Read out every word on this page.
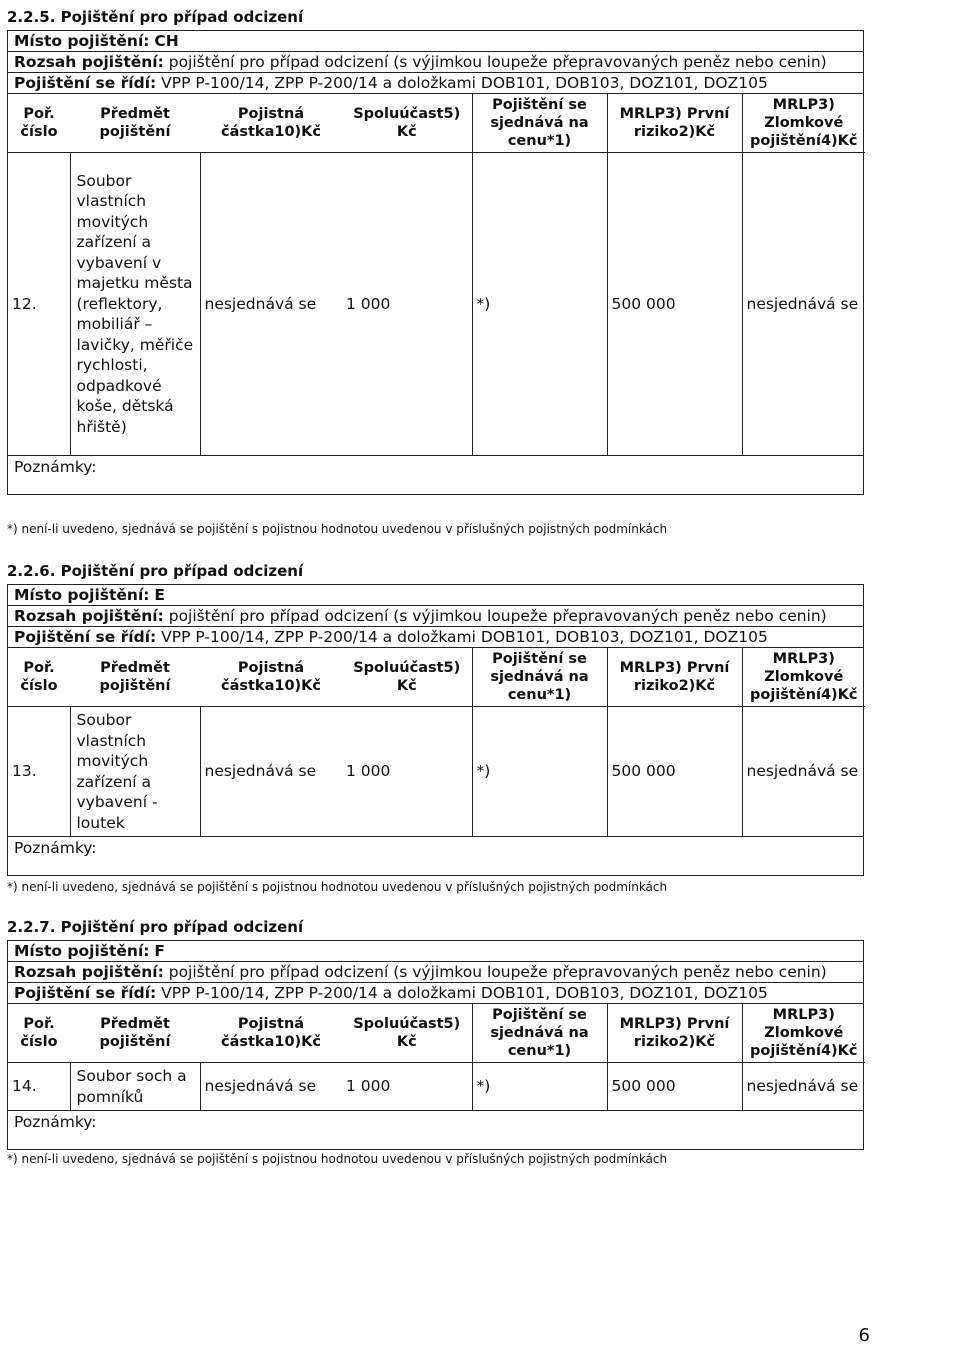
2.2.5. Pojištění pro případ odcizení
Místo pojištění: CH
Rozsah pojištění: pojištění pro případ odcizení (s výjimkou loupeže přepravovaných peněz nebo cenin)
Pojištění se řídí: VPP P-100/14, ZPP P-200/14 a doložkami DOB101, DOB103, DOZ101, DOZ105
Poř. číslo	Předmět pojištění	Pojistná částka10)Kč	Spoluúčast5) Kč	Pojištění se sjednává na cenu*1)	MRLP3) První riziko2)Kč	MRLP3) Zlomkové pojištění4)Kč
12.	Soubor vlastních movitých zařízení a vybavení v majetku města (reflektory, mobiliář – lavičky, měřiče rychlosti, odpadkové koše, dětská hřiště)	nesjednává se	1 000	*)	500 000	nesjednává se
Poznámky:
*) není-li uvedeno, sjednává se pojištění s pojistnou hodnotou uvedenou v příslušných pojistných podmínkách
2.2.6. Pojištění pro případ odcizení
Místo pojištění: E
Rozsah pojištění: pojištění pro případ odcizení (s výjimkou loupeže přepravovaných peněz nebo cenin)
Pojištění se řídí: VPP P-100/14, ZPP P-200/14 a doložkami DOB101, DOB103, DOZ101, DOZ105
Poř. číslo	Předmět pojištění	Pojistná částka10)Kč	Spoluúčast5) Kč	Pojištění se sjednává na cenu*1)	MRLP3) První riziko2)Kč	MRLP3) Zlomkové pojištění4)Kč
13.	Soubor vlastních movitých zařízení a vybavení - loutek	nesjednává se	1 000	*)	500 000	nesjednává se
Poznámky:
*) není-li uvedeno, sjednává se pojištění s pojistnou hodnotou uvedenou v příslušných pojistných podmínkách
2.2.7. Pojištění pro případ odcizení
Místo pojištění: F
Rozsah pojištění: pojištění pro případ odcizení (s výjimkou loupeže přepravovaných peněz nebo cenin)
Pojištění se řídí: VPP P-100/14, ZPP P-200/14 a doložkami DOB101, DOB103, DOZ101, DOZ105
Poř. číslo	Předmět pojištění	Pojistná částka10)Kč	Spoluúčast5) Kč	Pojištění se sjednává na cenu*1)	MRLP3) První riziko2)Kč	MRLP3) Zlomkové pojištění4)Kč
14.	Soubor soch a pomníků	nesjednává se	1 000	*)	500 000	nesjednává se
Poznámky:
*) není-li uvedeno, sjednává se pojištění s pojistnou hodnotou uvedenou v příslušných pojistných podmínkách
6
